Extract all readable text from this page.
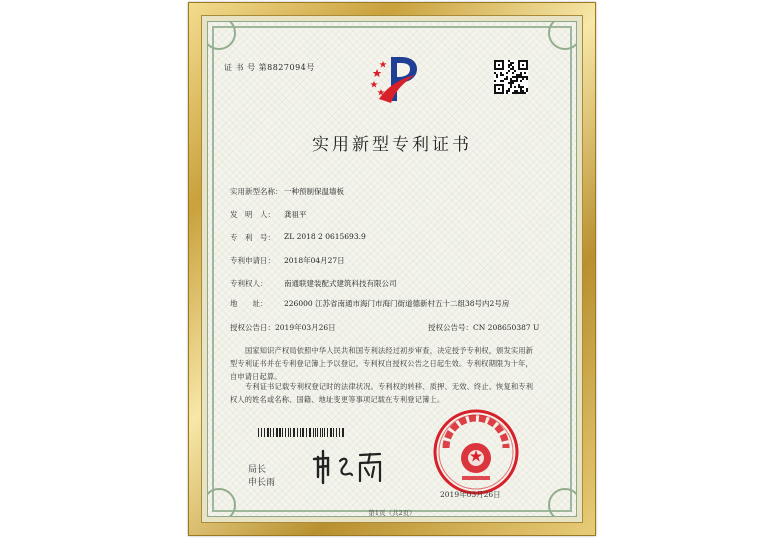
证 书 号 第8827094号
实用新型专利证书
实用新型名称： 一种预制保温墙板
发　明　人：	龚祖平
专　利　号：	ZL 2018 2 0615693.9
专利申请日：	2018年04月27日
专利权人：	南通联建装配式建筑科技有限公司
地　　址：	226000 江苏省南通市海门市海门街道德新村五十二组38号内2号房
授权公告日：2019年03月26日	授权公告号：CN 208650387 U
国家知识产权局依照中华人民共和国专利法经过初步审查，决定授予专利权，颁发实用新型专利证书并在专利登记簿上予以登记。专利权自授权公告之日起生效。专利权期限为十年，自申请日起算。
专利证书记载专利权登记时的法律状况。专利权的转移、质押、无效、终止、恢复和专利权人的姓名或名称、国籍、地址变更等事项记载在专利登记簿上。
局长
申长雨
2019年03月26日
第1页（共2页）
